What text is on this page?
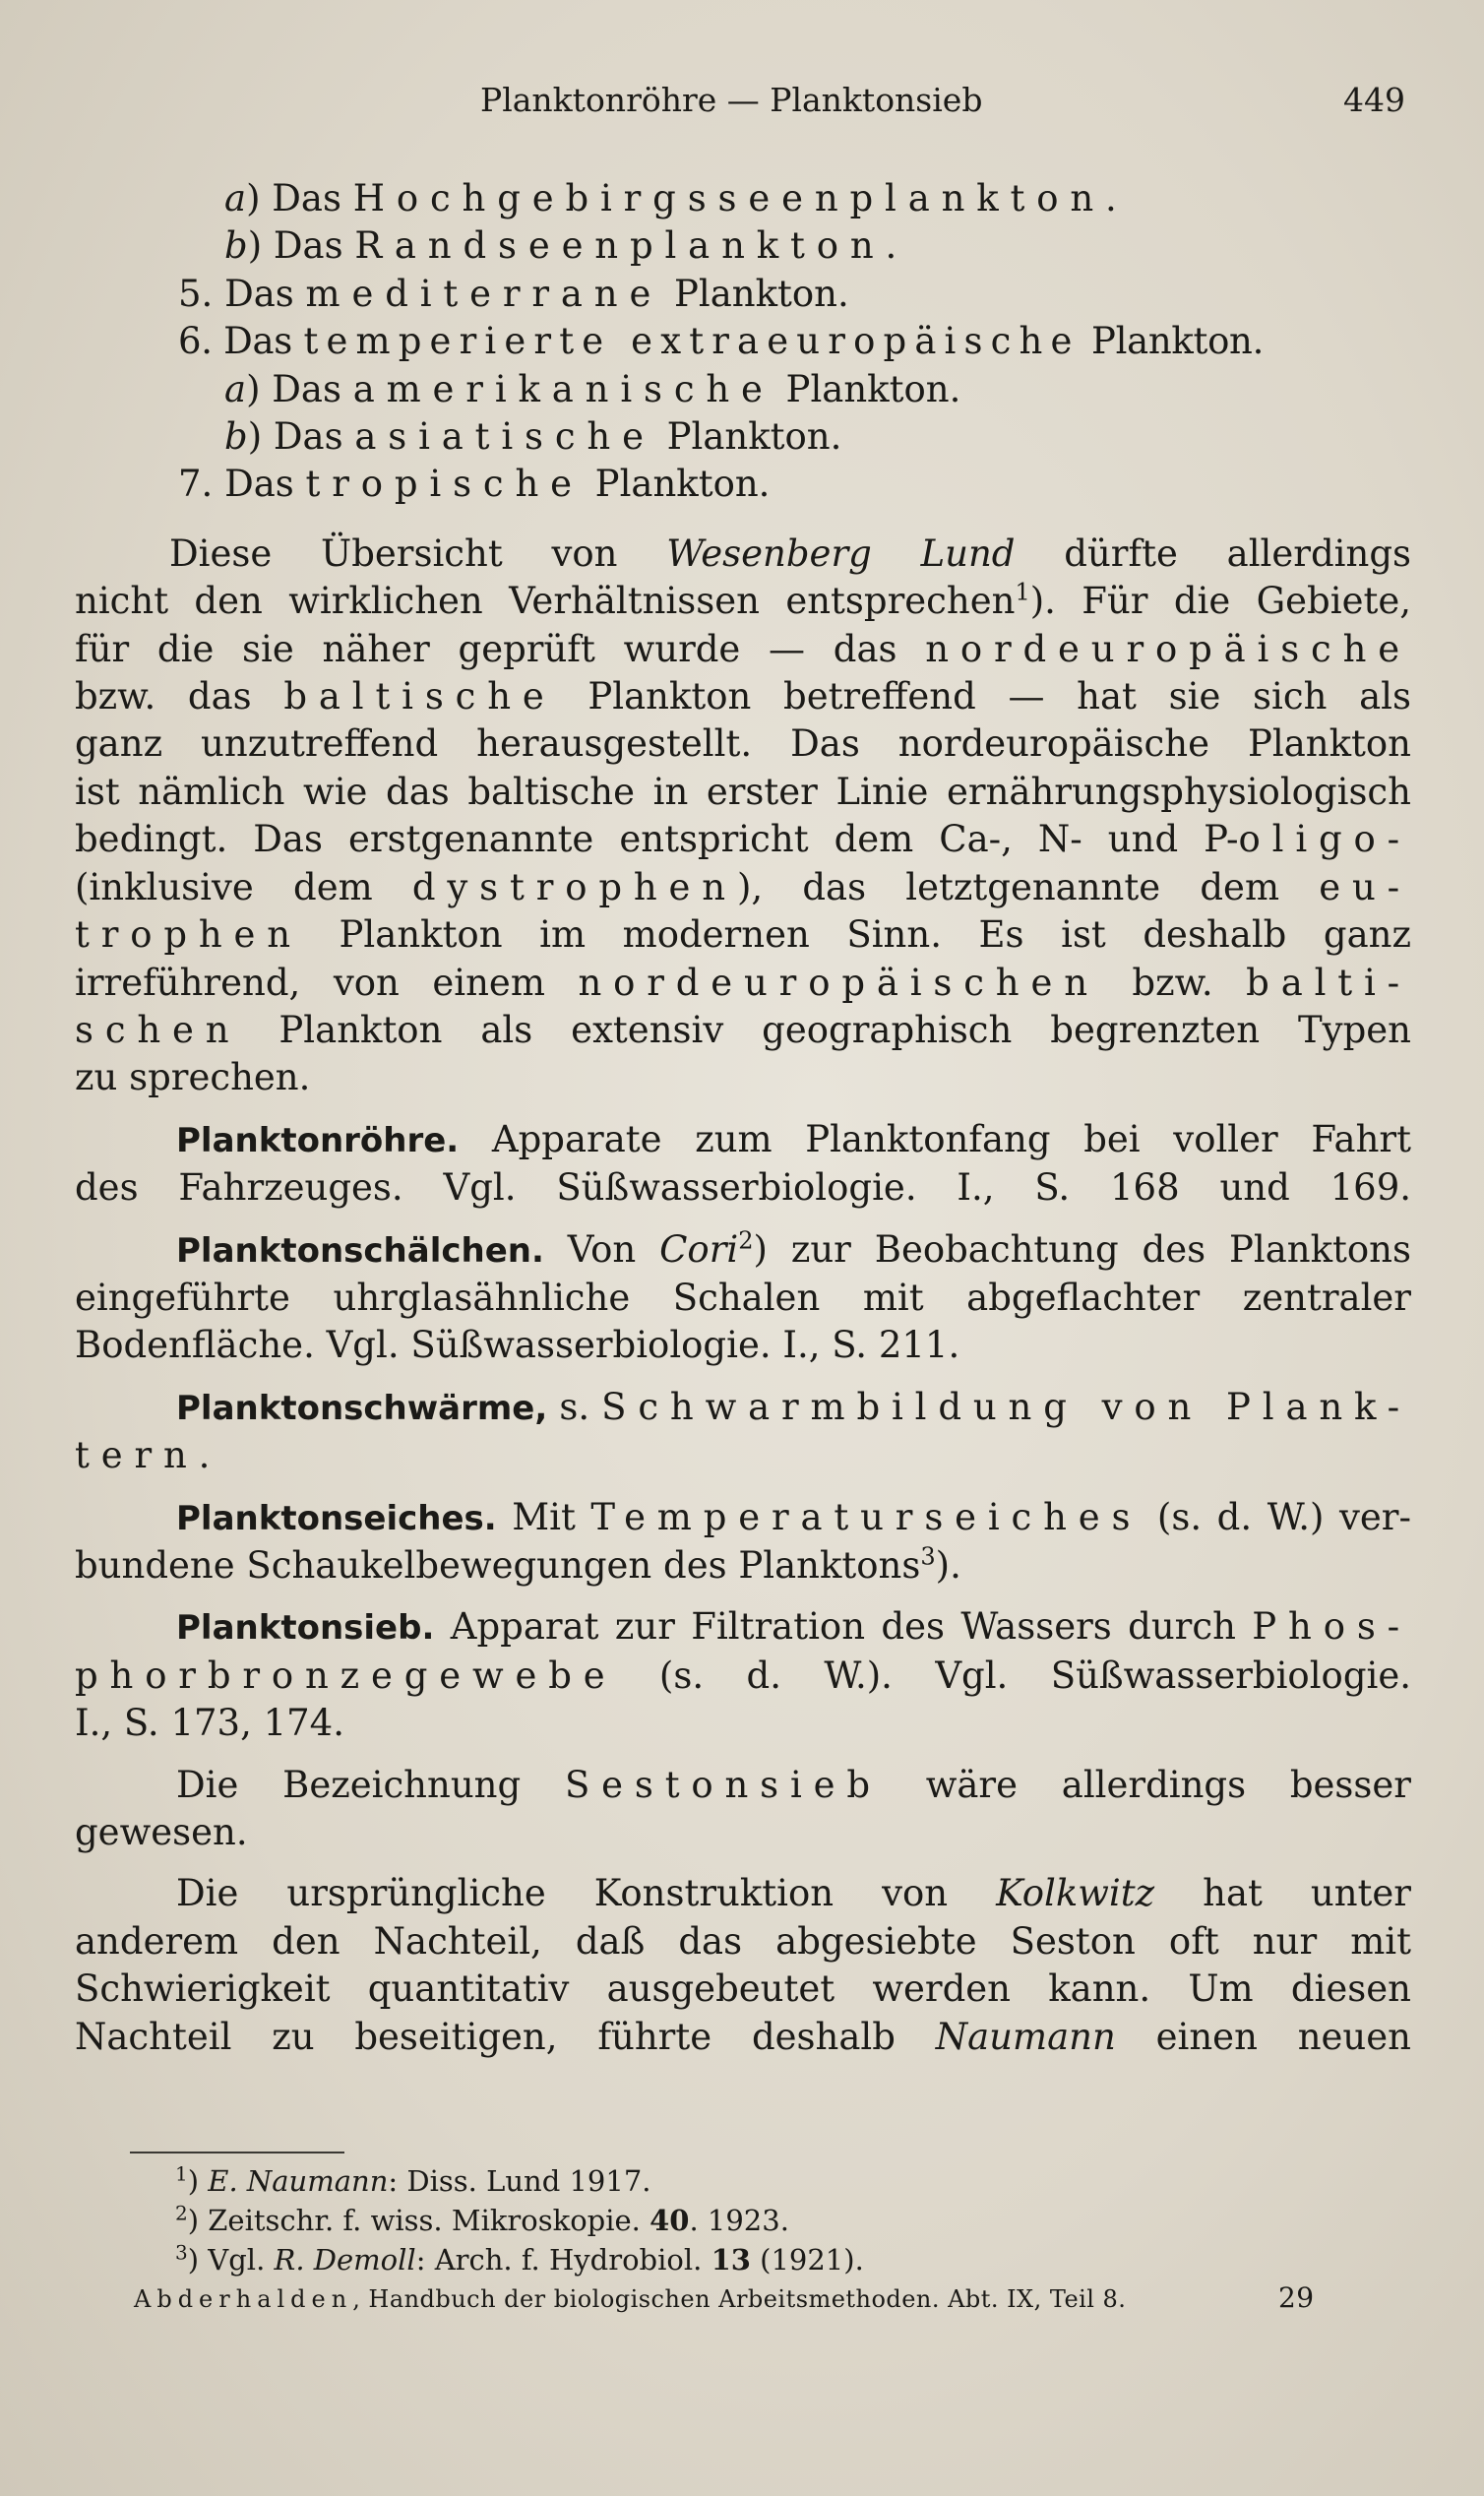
Planktonröhre — Planktonsieb	449
a) Das Hochgebirgsseenplankton.
b) Das Randseenplankton.
5. Das mediterrane Plankton.
6. Das temperierte extraeuropäische Plankton.
a) Das amerikanische Plankton.
b) Das asiatische Plankton.
7. Das tropische Plankton.
Diese Übersicht von Wesenberg Lund dürfte allerdings
nicht den wirklichen Verhältnissen entsprechen$^1$). Für die Gebiete,
für die sie näher geprüft wurde — das nordeuropäische
bzw. das baltische Plankton betreffend — hat sie sich als
ganz unzutreffend herausgestellt. Das nordeuropäische Plankton
ist nämlich wie das baltische in erster Linie ernährungsphysiologisch
bedingt. Das erstgenannte entspricht dem Ca-, N- und P-oligo-
(inklusive dem dystrophen), das letztgenannte dem eu-
trophen Plankton im modernen Sinn. Es ist deshalb ganz
irreführend, von einem nordeuropäischen bzw. balti-
schen Plankton als extensiv geographisch begrenzten Typen
zu sprechen.
Planktonröhre. Apparate zum Planktonfang bei voller Fahrt
des Fahrzeuges. Vgl. Süßwasserbiologie. I., S. 168 und 169.
Planktonschälchen. Von Cori$^2$) zur Beobachtung des Planktons
eingeführte uhrglasähnliche Schalen mit abgeflachter zentraler
Bodenfläche. Vgl. Süßwasserbiologie. I., S. 211.
Planktonschwärme, s. Schwarmbildung von Plank-
tern.
Planktonseiches. Mit Temperaturseiches (s. d. W.) ver-
bundene Schaukelbewegungen des Planktons$^3$).
Planktonsieb. Apparat zur Filtration des Wassers durch Phos-
phorbronzegewebe (s. d. W.). Vgl. Süßwasserbiologie.
I., S. 173, 174.
Die Bezeichnung Sestonsieb wäre allerdings besser
gewesen.
Die ursprüngliche Konstruktion von Kolkwitz hat unter
anderem den Nachteil, daß das abgesiebte Seston oft nur mit
Schwierigkeit quantitativ ausgebeutet werden kann. Um diesen
Nachteil zu beseitigen, führte deshalb Naumann einen neuen
$^1$) E. Naumann: Diss. Lund 1917.
$^2$) Zeitschr. f. wiss. Mikroskopie. 40. 1923.
$^3$) Vgl. R. Demoll: Arch. f. Hydrobiol. 13 (1921).
Abderhalden, Handbuch der biologischen Arbeitsmethoden. Abt. IX, Teil 8.	29
